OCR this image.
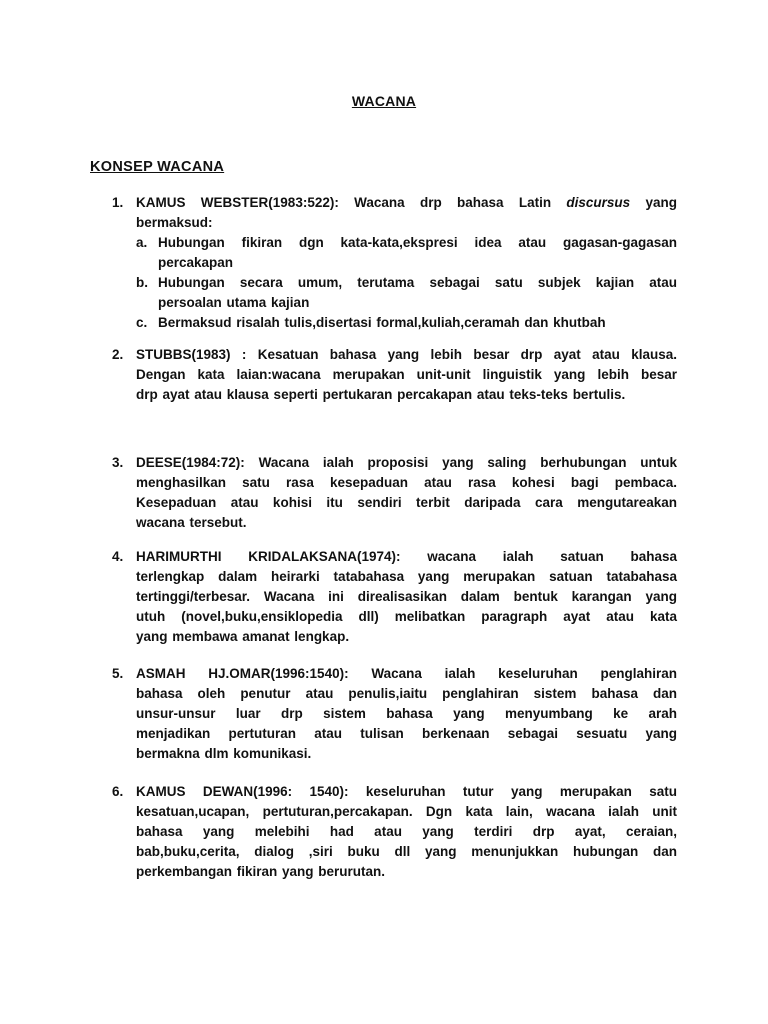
WACANA
KONSEP WACANA
1. KAMUS WEBSTER(1983:522): Wacana drp bahasa Latin discursus yang
bermaksud:
a. Hubungan fikiran dgn kata-kata,ekspresi idea atau gagasan-gagasan
percakapan
b. Hubungan secara umum, terutama sebagai satu subjek kajian atau
persoalan utama kajian
c. Bermaksud risalah tulis,disertasi formal,kuliah,ceramah dan khutbah
2. STUBBS(1983) : Kesatuan bahasa yang lebih besar drp ayat atau klausa.
Dengan kata laian:wacana merupakan unit-unit linguistik yang lebih besar
drp ayat atau klausa seperti pertukaran percakapan atau teks-teks bertulis.
3. DEESE(1984:72): Wacana ialah proposisi yang saling berhubungan untuk
menghasilkan satu rasa kesepaduan atau rasa kohesi bagi pembaca.
Kesepaduan atau kohisi itu sendiri terbit daripada cara mengutareakan
wacana tersebut.
4. HARIMURTHI KRIDALAKSANA(1974): wacana ialah satuan bahasa
terlengkap dalam heirarki tatabahasa yang merupakan satuan tatabahasa
tertinggi/terbesar. Wacana ini direalisasikan dalam bentuk karangan yang
utuh (novel,buku,ensiklopedia dll) melibatkan paragraph ayat atau kata
yang membawa amanat lengkap.
5. ASMAH HJ.OMAR(1996:1540): Wacana ialah keseluruhan penglahiran
bahasa oleh penutur atau penulis,iaitu penglahiran sistem bahasa dan
unsur-unsur luar drp sistem bahasa yang menyumbang ke arah
menjadikan pertuturan atau tulisan berkenaan sebagai sesuatu yang
bermakna dlm komunikasi.
6. KAMUS DEWAN(1996: 1540): keseluruhan tutur yang merupakan satu
kesatuan,ucapan, pertuturan,percakapan. Dgn kata lain, wacana ialah unit
bahasa yang melebihi had atau yang terdiri drp ayat, ceraian,
bab,buku,cerita, dialog ,siri buku dll yang menunjukkan hubungan dan
perkembangan fikiran yang berurutan.
